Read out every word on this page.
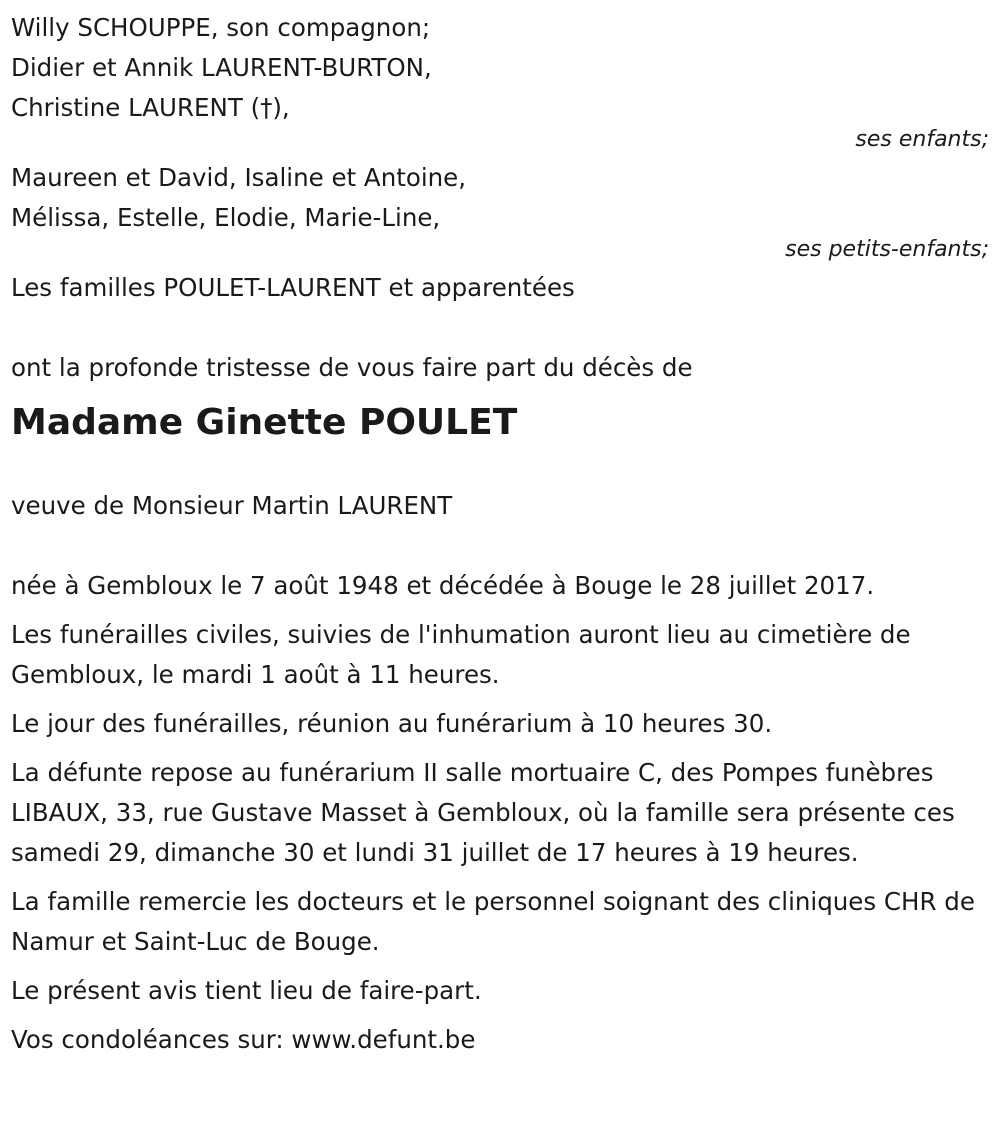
Willy SCHOUPPE, son compagnon;
Didier et Annik LAURENT-BURTON,
Christine LAURENT (†),
ses enfants;
Maureen et David, Isaline et Antoine,
Mélissa, Estelle, Elodie, Marie-Line,
ses petits-enfants;
Les familles POULET-LAURENT et apparentées
ont la profonde tristesse de vous faire part du décès de
Madame Ginette POULET
veuve de Monsieur Martin LAURENT

née à Gembloux le 7 août 1948 et décédée à Bouge le 28 juillet 2017.

Les funérailles civiles, suivies de l'inhumation auront lieu au cimetière de Gembloux, le mardi 1 août à 11 heures.

Le jour des funérailles, réunion au funérarium à 10 heures 30.

La défunte repose au funérarium II salle mortuaire C, des Pompes funèbres LIBAUX, 33, rue Gustave Masset à Gembloux, où la famille sera présente ces samedi 29, dimanche 30 et lundi 31 juillet de 17 heures à 19 heures.

La famille remercie les docteurs et le personnel soignant des cliniques CHR de Namur et Saint-Luc de Bouge.

Le présent avis tient lieu de faire-part.

Vos condoléances sur: www.defunt.be
